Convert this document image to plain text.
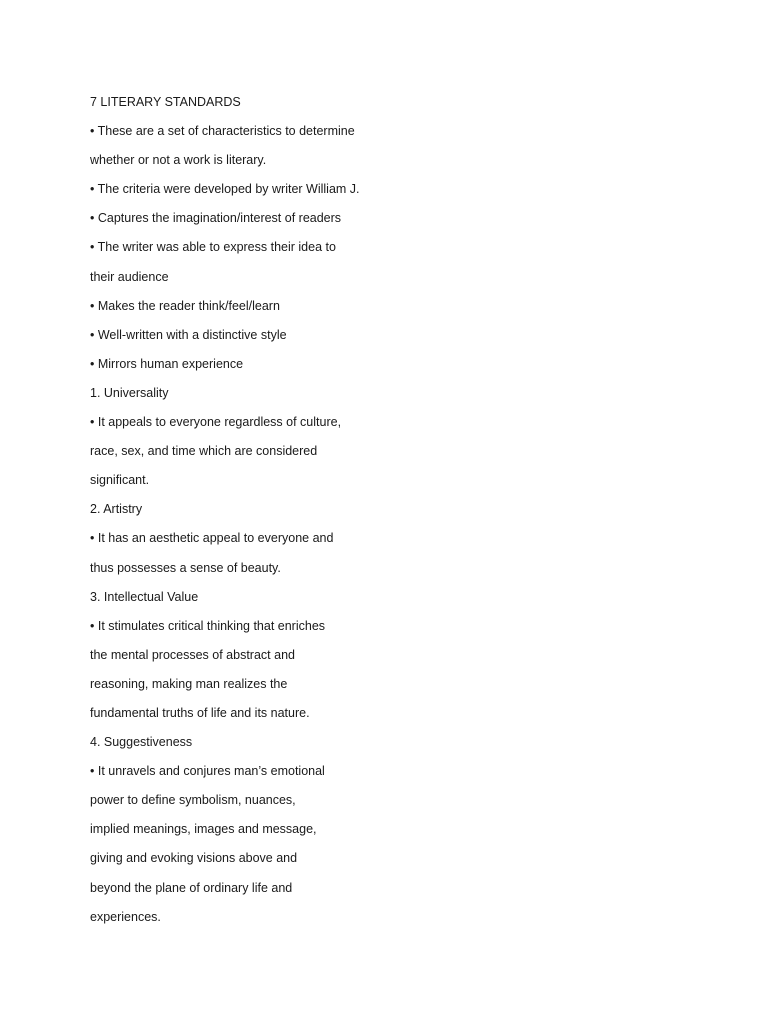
7 LITERARY STANDARDS
• These are a set of characteristics to determine
whether or not a work is literary.
• The criteria were developed by writer William J.
• Captures the imagination/interest of readers
• The writer was able to express their idea to
their audience
• Makes the reader think/feel/learn
• Well-written with a distinctive style
• Mirrors human experience
1. Universality
• It appeals to everyone regardless of culture,
race, sex, and time which are considered
significant.
2. Artistry
• It has an aesthetic appeal to everyone and
thus possesses a sense of beauty.
3. Intellectual Value
• It stimulates critical thinking that enriches
the mental processes of abstract and
reasoning, making man realizes the
fundamental truths of life and its nature.
4. Suggestiveness
• It unravels and conjures man’s emotional
power to define symbolism, nuances,
implied meanings, images and message,
giving and evoking visions above and
beyond the plane of ordinary life and
experiences.
